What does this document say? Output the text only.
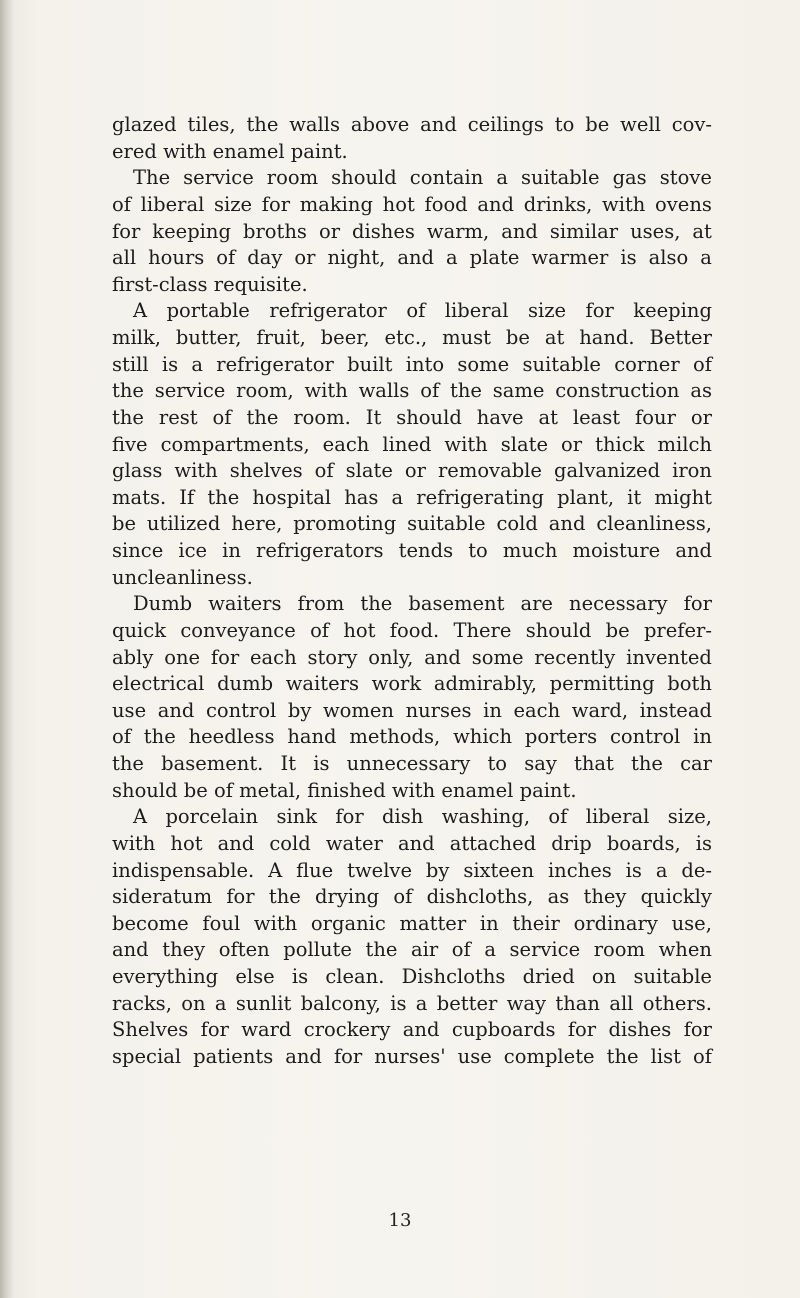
glazed tiles, the walls above and ceilings to be well cov-
ered with enamel paint.
The service room should contain a suitable gas stove
of liberal size for making hot food and drinks, with ovens
for keeping broths or dishes warm, and similar uses, at
all hours of day or night, and a plate warmer is also a
first-class requisite.
A portable refrigerator of liberal size for keeping
milk, butter, fruit, beer, etc., must be at hand. Better
still is a refrigerator built into some suitable corner of
the service room, with walls of the same construction as
the rest of the room. It should have at least four or
five compartments, each lined with slate or thick milch
glass with shelves of slate or removable galvanized iron
mats. If the hospital has a refrigerating plant, it might
be utilized here, promoting suitable cold and cleanliness,
since ice in refrigerators tends to much moisture and
uncleanliness.
Dumb waiters from the basement are necessary for
quick conveyance of hot food. There should be prefer-
ably one for each story only, and some recently invented
electrical dumb waiters work admirably, permitting both
use and control by women nurses in each ward, instead
of the heedless hand methods, which porters control in
the basement. It is unnecessary to say that the car
should be of metal, finished with enamel paint.
A porcelain sink for dish washing, of liberal size,
with hot and cold water and attached drip boards, is
indispensable. A flue twelve by sixteen inches is a de-
sideratum for the drying of dishcloths, as they quickly
become foul with organic matter in their ordinary use,
and they often pollute the air of a service room when
everything else is clean. Dishcloths dried on suitable
racks, on a sunlit balcony, is a better way than all others.
Shelves for ward crockery and cupboards for dishes for
special patients and for nurses' use complete the list of
13
